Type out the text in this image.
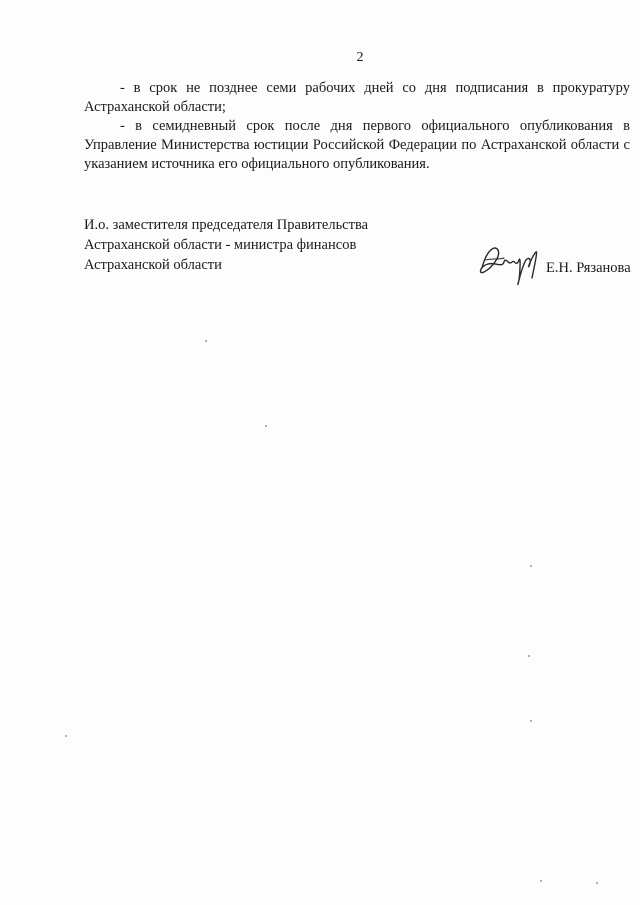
2

- в срок не позднее семи рабочих дней со дня подписания в прокуратуру Астраханской области;

- в семидневный срок после дня первого официального опубликования в Управление Министерства юстиции Российской Федерации по Астраханской области с указанием источника его официального опубликования.

И.о. заместителя председателя Правительства
Астраханской области - министра финансов
Астраханской области	Е.Н. Рязанова
